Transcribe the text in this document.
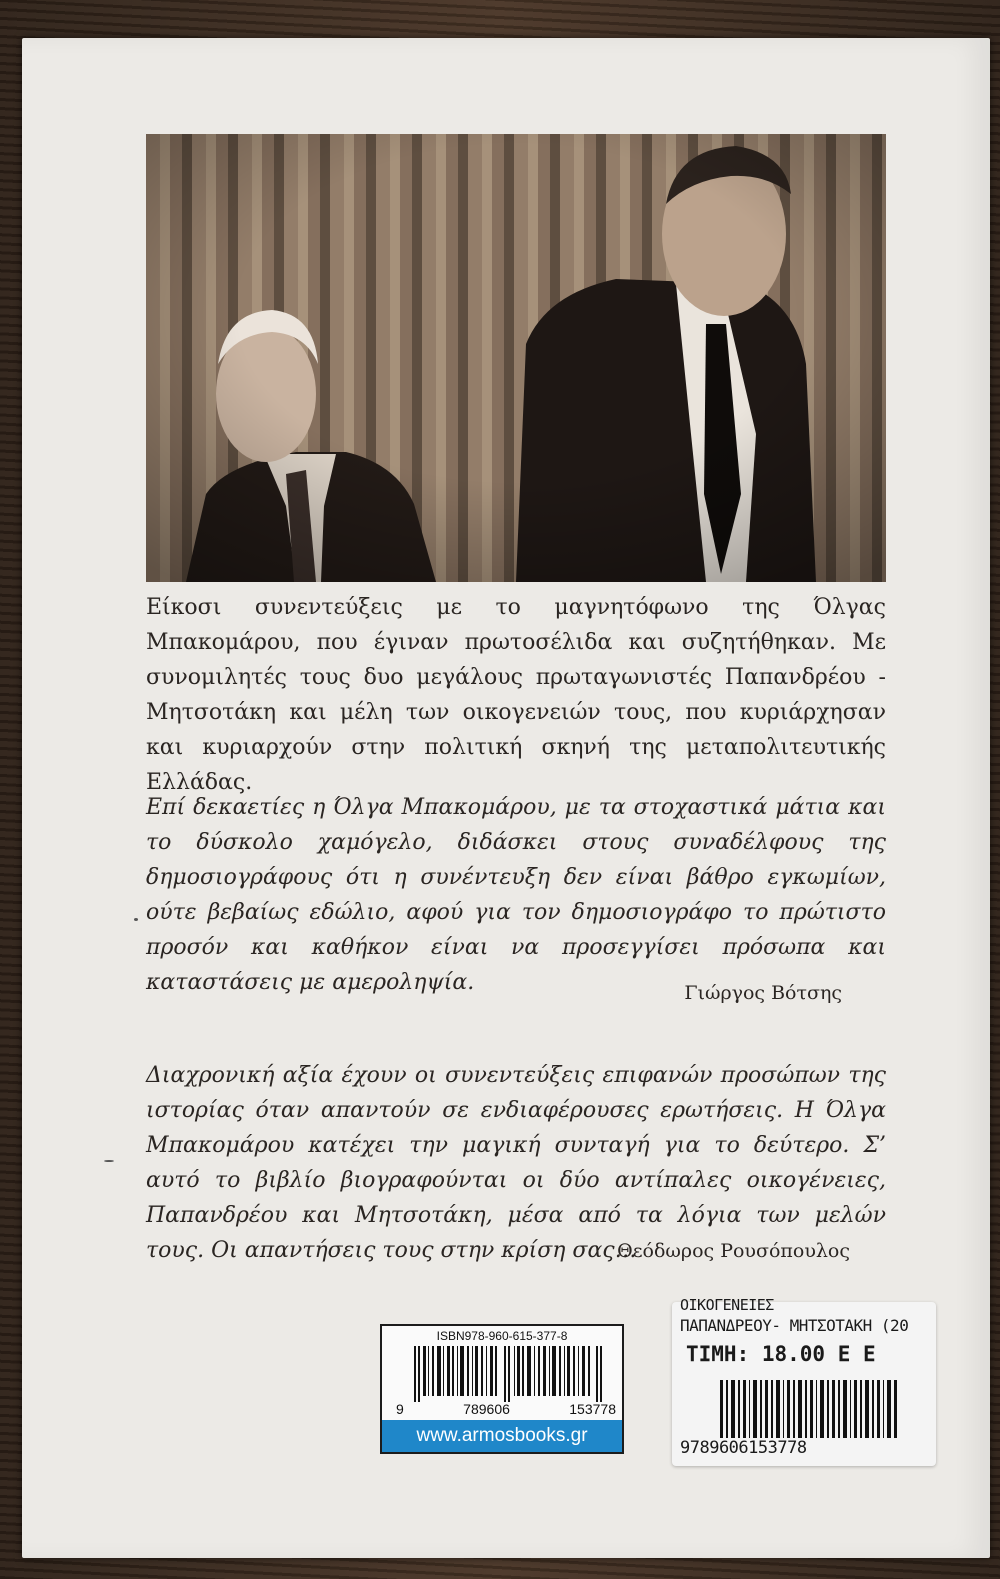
Είκοσι συνεντεύξεις με το μαγνητόφωνο της Όλγας Μπακομάρου, που έγιναν πρωτοσέλιδα και συζητήθηκαν. Με συνομιλητές τους δυο μεγάλους πρωταγωνιστές Παπανδρέου - Μητσοτάκη και μέλη των οικογενειών τους, που κυριάρχησαν και κυριαρχούν στην πολιτική σκηνή της μεταπολιτευτικής Ελλάδας.

Επί δεκαετίες η Όλγα Μπακομάρου, με τα στοχαστικά μάτια και το δύσκολο χαμόγελο, διδάσκει στους συναδέλφους της δημοσιογράφους ότι η συνέντευξη δεν είναι βάθρο εγκωμίων, ούτε βεβαίως εδώλιο, αφού για τον δημοσιογράφο το πρώτιστο προσόν και καθήκον είναι να προσεγγίσει πρόσωπα και καταστάσεις με αμεροληψία.	Γιώργος Βότσης

Διαχρονική αξία έχουν οι συνεντεύξεις επιφανών προσώπων της ιστορίας όταν απαντούν σε ενδιαφέρουσες ερωτήσεις. Η Όλγα Μπακομάρου κατέχει την μαγική συνταγή για το δεύτερο. Σ’ αυτό το βιβλίο βιογραφούνται οι δύο αντίπαλες οικογένειες, Παπανδρέου και Μητσοτάκη, μέσα από τα λόγια των μελών τους. Οι απαντήσεις τους στην κρίση σας…

Θεόδωρος Ρουσόπουλος
ISBN978-960-615-377-8
9	789606	153778
www.armosbooks.gr
ΟΙΚΟΓΕΝΕΙΕΣ
ΠΑΠΑΝΔΡΕΟΥ- ΜΗΤΣΟΤΑΚΗ (20
ΤΙΜΗ: 18.00 Ε Ε
9789606153778
